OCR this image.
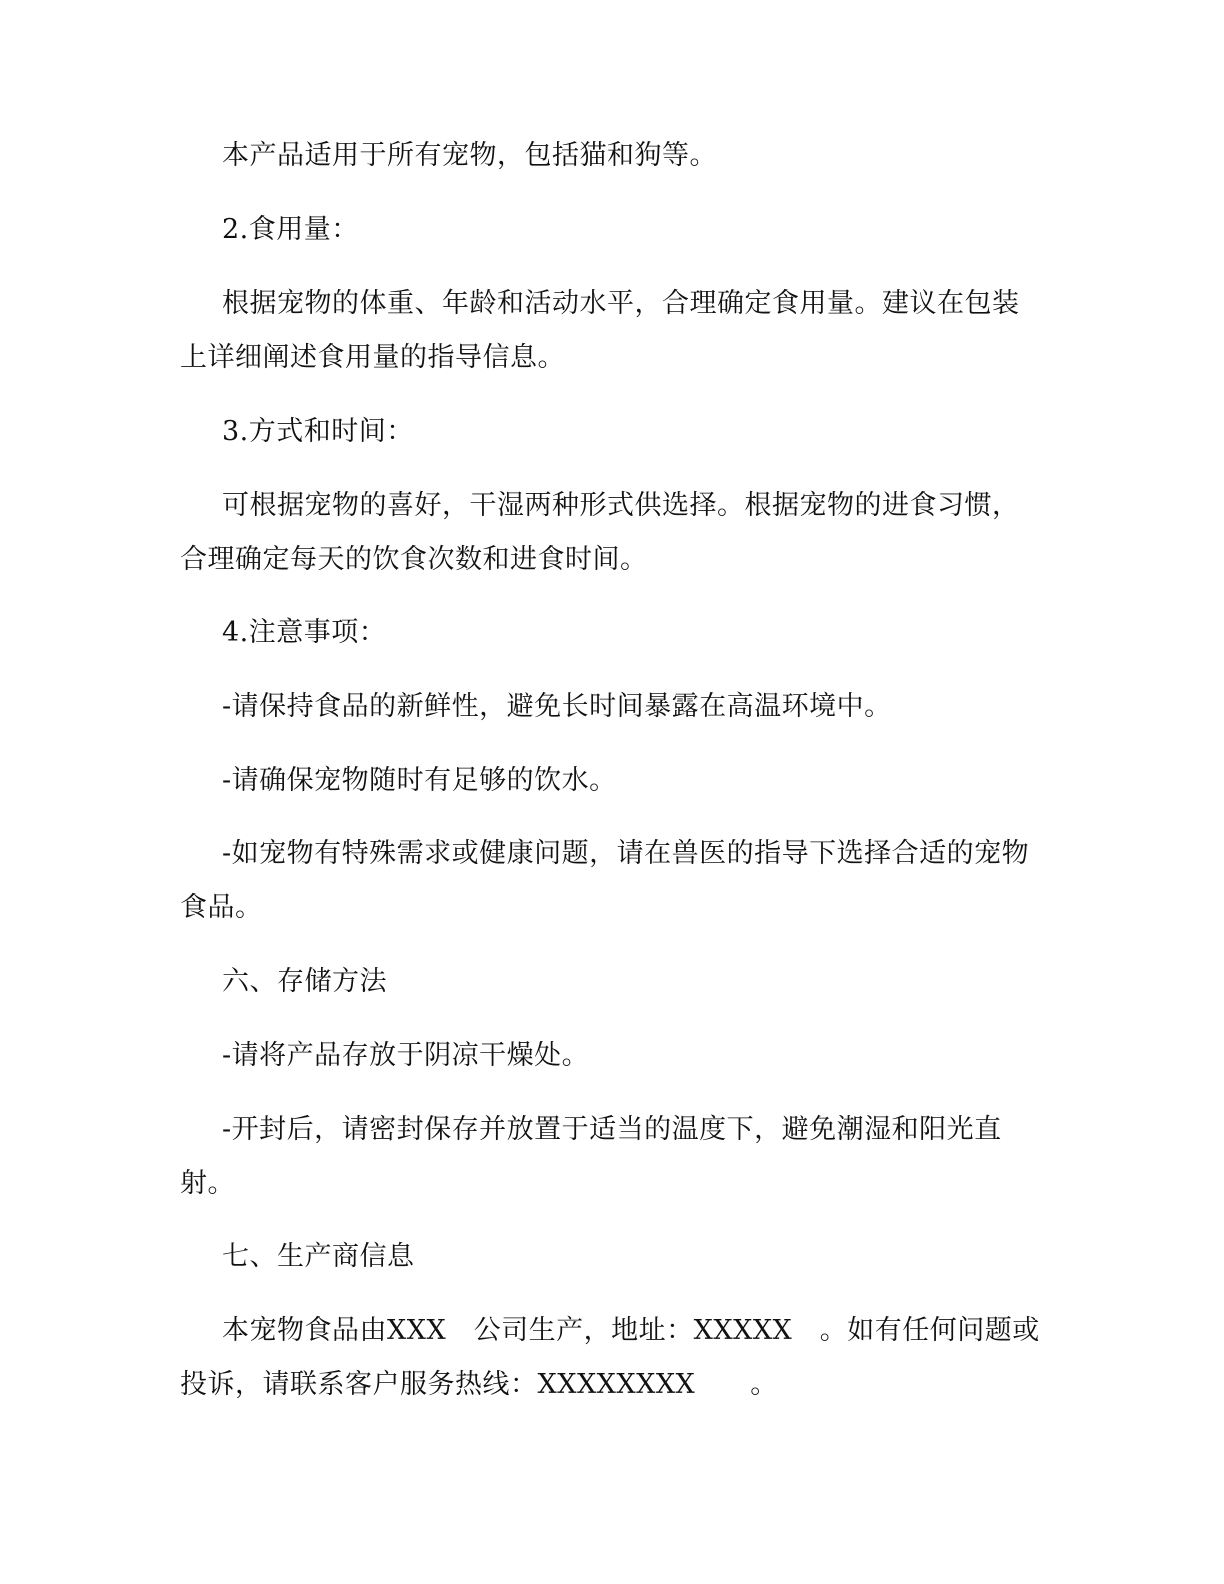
本产品适用于所有宠物，包括猫和狗等。

2.食用量：

根据宠物的体重、年龄和活动水平，合理确定食用量。建议在包装上详细阐述食用量的指导信息。

3.方式和时间：

可根据宠物的喜好，干湿两种形式供选择。根据宠物的进食习惯，合理确定每天的饮食次数和进食时间。

4.注意事项：

-请保持食品的新鲜性，避免长时间暴露在高温环境中。

-请确保宠物随时有足够的饮水。

-如宠物有特殊需求或健康问题，请在兽医的指导下选择合适的宠物食品。

六、存储方法

-请将产品存放于阴凉干燥处。

-开封后，请密封保存并放置于适当的温度下，避免潮湿和阳光直射。

七、生产商信息

本宠物食品由XXX　公司生产，地址：XXXXX　。如有任何问题或投诉，请联系客户服务热线：XXXXXXXX　　。
